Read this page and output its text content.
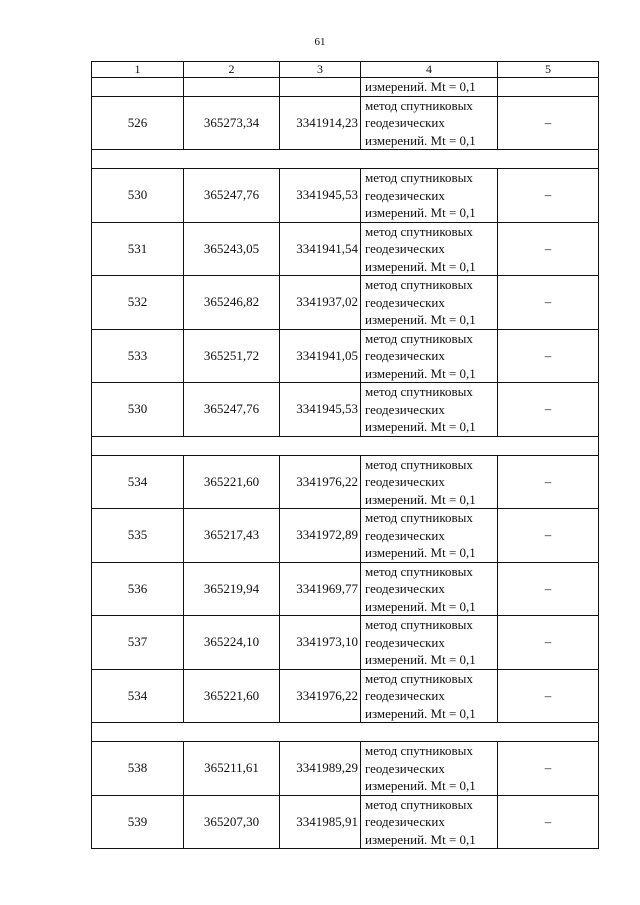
61
1	2	3	4	5
			измерений. Mt = 0,1	
526	365273,34	3341914,23	метод спутниковых
геодезических
измерений. Mt = 0,1	–

530	365247,76	3341945,53	метод спутниковых
геодезических
измерений. Mt = 0,1	–
531	365243,05	3341941,54	метод спутниковых
геодезических
измерений. Mt = 0,1	–
532	365246,82	3341937,02	метод спутниковых
геодезических
измерений. Mt = 0,1	–
533	365251,72	3341941,05	метод спутниковых
геодезических
измерений. Mt = 0,1	–
530	365247,76	3341945,53	метод спутниковых
геодезических
измерений. Mt = 0,1	–

534	365221,60	3341976,22	метод спутниковых
геодезических
измерений. Mt = 0,1	–
535	365217,43	3341972,89	метод спутниковых
геодезических
измерений. Mt = 0,1	–
536	365219,94	3341969,77	метод спутниковых
геодезических
измерений. Mt = 0,1	–
537	365224,10	3341973,10	метод спутниковых
геодезических
измерений. Mt = 0,1	–
534	365221,60	3341976,22	метод спутниковых
геодезических
измерений. Mt = 0,1	–

538	365211,61	3341989,29	метод спутниковых
геодезических
измерений. Mt = 0,1	–
539	365207,30	3341985,91	метод спутниковых
геодезических
измерений. Mt = 0,1	–
